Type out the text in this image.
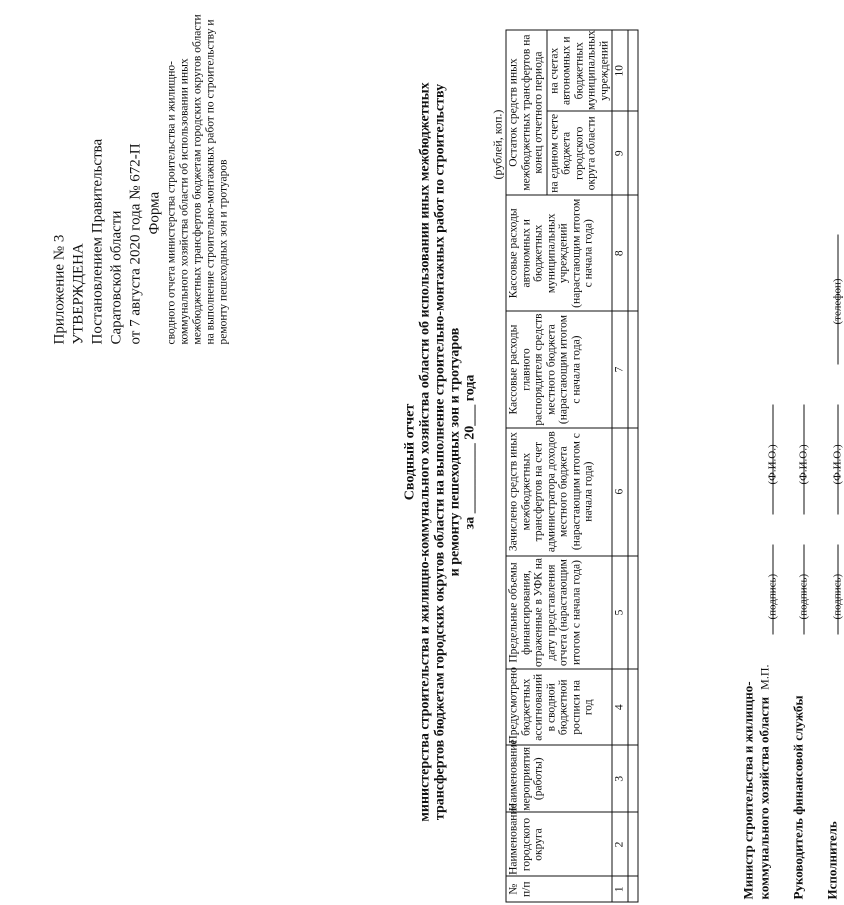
Приложение № 3 УТВЕРЖДЕНА Постановлением Правительства Саратовской области от 7 августа 2020 года № 672-П Форма сводного отчета министерства строительства и жилищно-коммунального хозяйства области об использовании иных межбюджетных трансфертов бюджетам городских округов области на выполнение строительно-монтажных работ по строительству и ремонту пешеходных зон и тротуаров
Сводный отчет министерства строительства и жилищно-коммунального хозяйства области об использовании иных межбюджетных трансфертов бюджетам городских округов области на выполнение строительно-монтажных работ по строительству и ремонту пешеходных зон и тротуаров за __________ 20___ года
(рублей, коп.)
№ п/п	Наименование городского округа	Наименование мероприятия (работы)	Предусмотрено бюджетных ассигнований в сводной бюджетной росписи на год	Предельные объемы финансирования, отраженные в УФК на дату представления отчета (нарастающим итогом с начала года)	Зачислено средств иных межбюджетных трансфертов на счет администратора доходов местного бюджета (нарастающим итогом с начала года)	Кассовые расходы главного распорядителя средств местного бюджета (нарастающим итогом с начала года)	Кассовые расходы автономных и бюджетных муниципальных учреждений (нарастающим итогом с начала года)	Остаток средств иных межбюджетных трансфертов на конец отчетного периода	
								на едином счете бюджета городского округа области	на счетах автономных и бюджетных муниципальных учреждений
1	2	3	4	5	6	7	8	9	10

Министр строительства и жилищно- коммунального хозяйства области М.П.
(подпись)
(Ф.И.О.)
Руководитель финансовой службы
(подпись)
(Ф.И.О.)
Исполнитель
(подпись)
(Ф.И.О.)
(телефон)
